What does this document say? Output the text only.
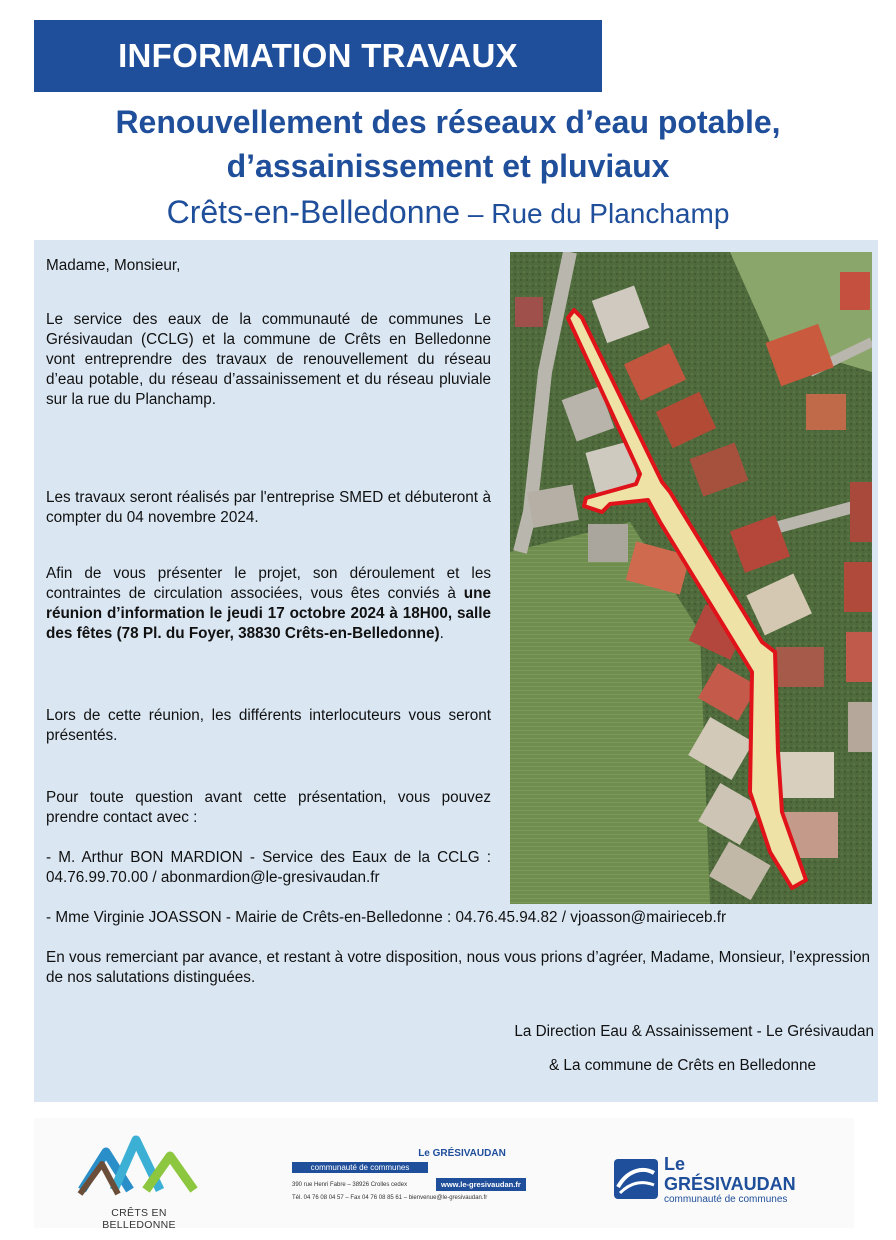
INFORMATION TRAVAUX
Renouvellement des réseaux d’eau potable,
d’assainissement et pluviaux
Crêts-en-Belledonne – Rue du Planchamp
Madame, Monsieur,
Le service des eaux de la communauté de communes Le Grésivaudan (CCLG) et la commune de Crêts en Belledonne vont entreprendre des travaux de renouvellement du réseau d’eau potable, du réseau d’assainissement et du réseau pluviale sur la rue du Planchamp.
Les travaux seront réalisés par l'entreprise SMED et débuteront à compter du 04 novembre 2024.
Afin de vous présenter le projet, son déroulement et les contraintes de circulation associées, vous êtes conviés à une réunion d’information le jeudi 17 octobre 2024 à 18H00, salle des fêtes (78 Pl. du Foyer, 38830 Crêts-en-Belledonne).
Lors de cette réunion, les différents interlocuteurs vous seront présentés.
Pour toute question avant cette présentation, vous pouvez prendre contact avec :
- M. Arthur BON MARDION - Service des Eaux de la CCLG : 04.76.99.70.00 / abonmardion@le-gresivaudan.fr
- Mme Virginie JOASSON - Mairie de Crêts-en-Belledonne : 04.76.45.94.82 / vjoasson@mairieceb.fr
En vous remerciant par avance, et restant à votre disposition, nous vous prions d’agréer, Madame, Monsieur, l’expression de nos salutations distinguées.
La Direction Eau & Assainissement - Le Grésivaudan
& La commune de Crêts en Belledonne
CRÊTS EN BELLEDONNE
Le GRÉSIVAUDAN
communauté de communes
390 rue Henri Fabre – 38926 Crolles cedex	www.le-gresivaudan.fr
Tél. 04 76 08 04 57 – Fax 04 76 08 85 61 – bienvenue@le-gresivaudan.fr
Le GRÉSIVAUDAN
communauté de communes
